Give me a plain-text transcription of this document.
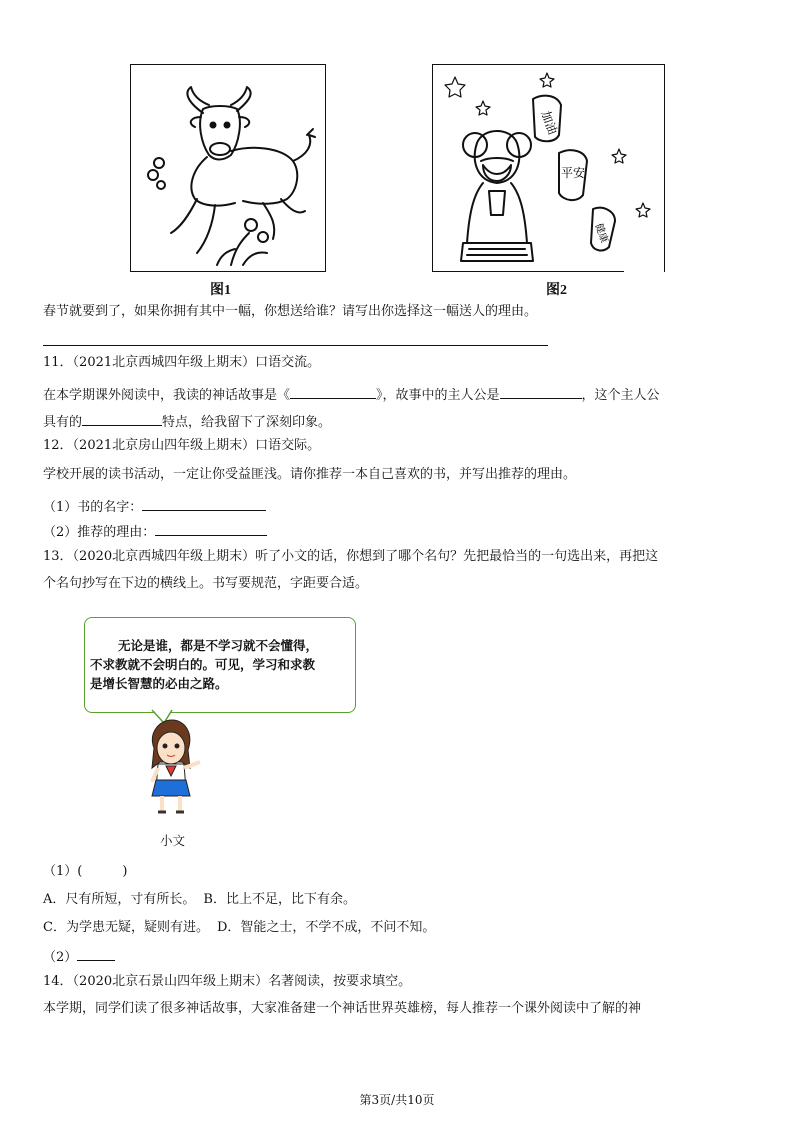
图1
加油
平安
健康
图2
春节就要到了，如果你拥有其中一幅，你想送给谁？请写出你选择这一幅送人的理由。
11．（2021北京西城四年级上期末）口语交流。
在本学期课外阅读中，我读的神话故事是《	》，故事中的主人公是	，这个主人公
具有的	特点，给我留下了深刻印象。
12．（2021北京房山四年级上期末）口语交际。
学校开展的读书活动，一定让你受益匪浅。请你推荐一本自己喜欢的书，并写出推荐的理由。
（1）书的名字：
（2）推荐的理由：
13．（2020北京西城四年级上期末）听了小文的话，你想到了哪个名句？先把最恰当的一句选出来，再把这
个名句抄写在下边的横线上。书写要规范，字距要合适。
无论是谁，都是不学习就不会懂得，
不求教就不会明白的。可见，学习和求教
是增长智慧的必由之路。
小文
（1）(	)
A．尺有所短，寸有所长。 B．比上不足，比下有余。
C．为学患无疑，疑则有进。 D．智能之士，不学不成，不问不知。
（2）
14．（2020北京石景山四年级上期末）名著阅读，按要求填空。
本学期，同学们读了很多神话故事，大家准备建一个神话世界英雄榜，每人推荐一个课外阅读中了解的神
第3页/共10页
